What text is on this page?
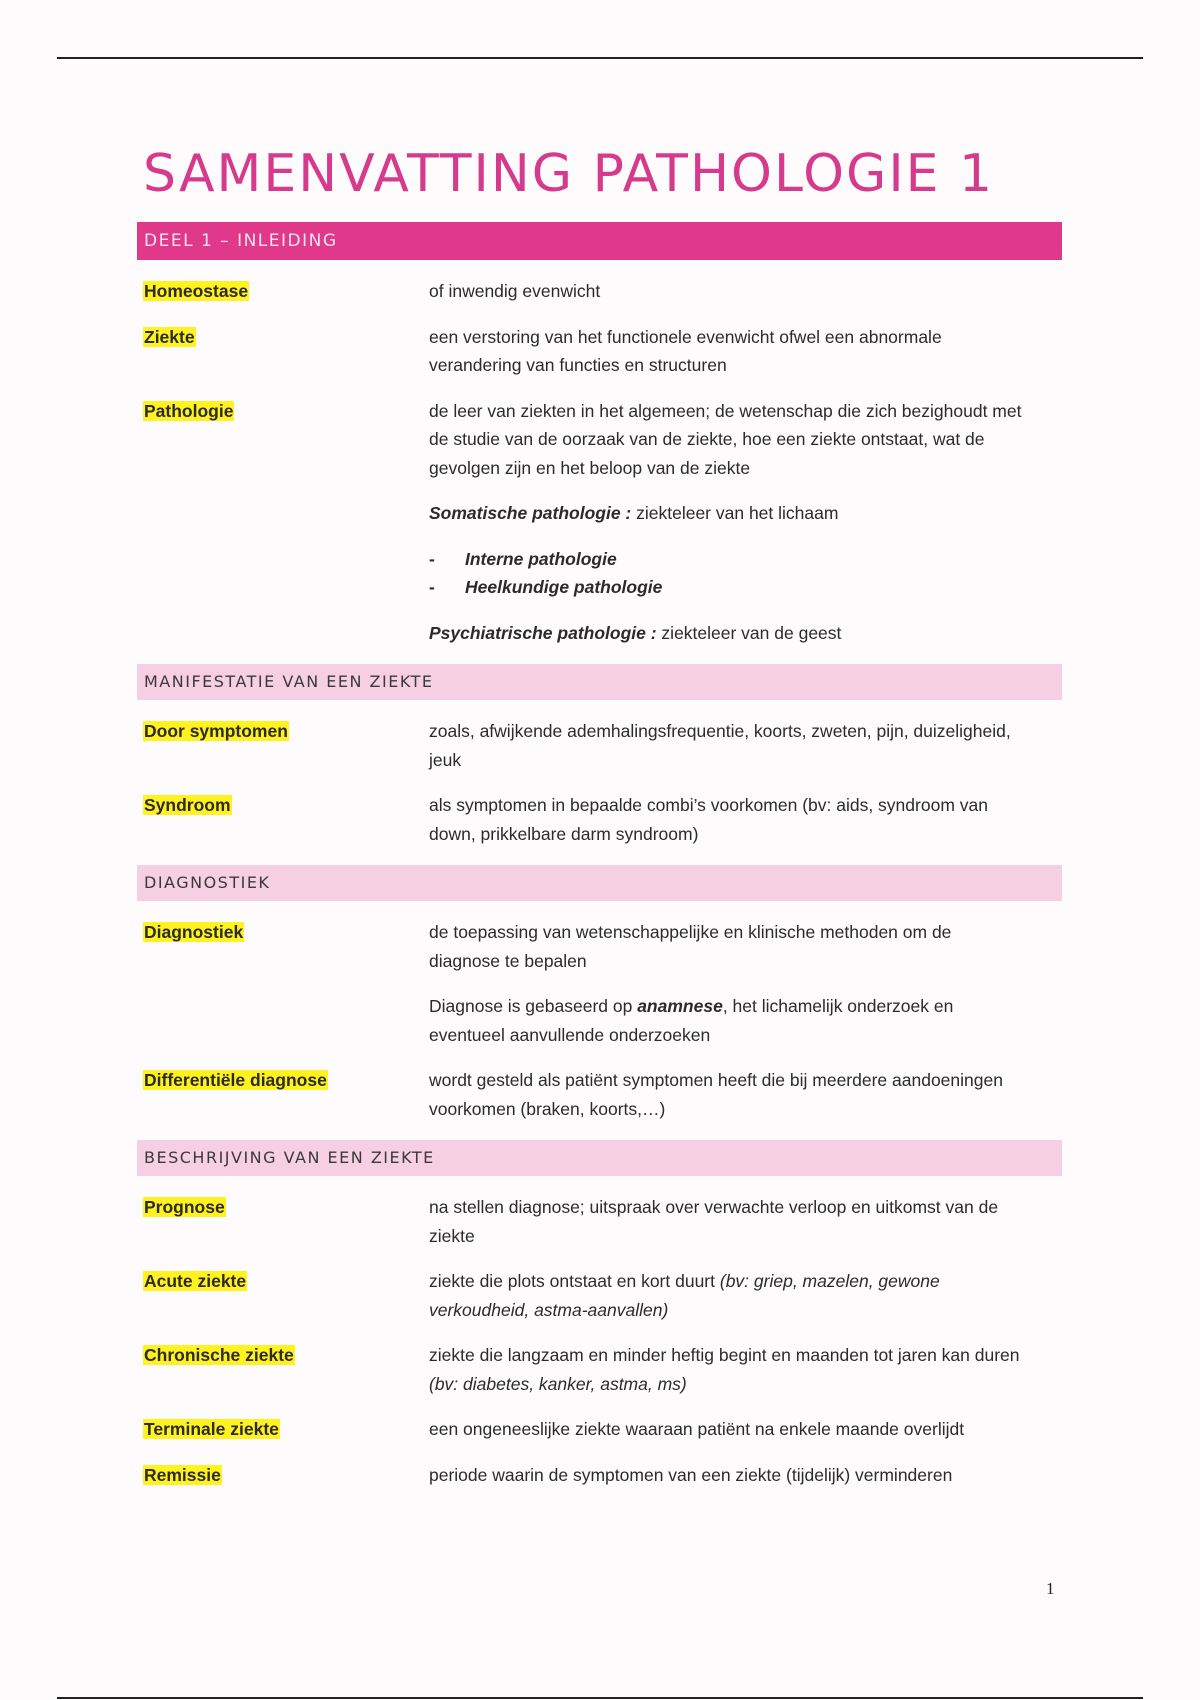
SAMENVATTING PATHOLOGIE 1
DEEL 1 – INLEIDING
Homeostase	of inwendig evenwicht

Ziekte	een verstoring van het functionele evenwicht ofwel een abnormale

verandering van functies en structuren

Pathologie	de leer van ziekten in het algemeen; de wetenschap die zich bezighoudt met

de studie van de oorzaak van de ziekte, hoe een ziekte ontstaat, wat de

gevolgen zijn en het beloop van de ziekte

Somatische pathologie : ziekteleer van het lichaam

- Interne pathologie
- Heelkundige pathologie

Psychiatrische pathologie : ziekteleer van de geest

MANIFESTATIE VAN EEN ZIEKTE
Door symptomen	zoals, afwijkende ademhalingsfrequentie, koorts, zweten, pijn, duizeligheid,

jeuk

Syndroom	als symptomen in bepaalde combi’s voorkomen (bv: aids, syndroom van

down, prikkelbare darm syndroom)

DIAGNOSTIEK
Diagnostiek	de toepassing van wetenschappelijke en klinische methoden om de

diagnose te bepalen

Diagnose is gebaseerd op anamnese, het lichamelijk onderzoek en

eventueel aanvullende onderzoeken

Differentiële diagnose	wordt gesteld als patiënt symptomen heeft die bij meerdere aandoeningen

voorkomen (braken, koorts,…)

BESCHRIJVING VAN EEN ZIEKTE
Prognose	na stellen diagnose; uitspraak over verwachte verloop en uitkomst van de

ziekte

Acute ziekte	ziekte die plots ontstaat en kort duurt (bv: griep, mazelen, gewone

verkoudheid, astma-aanvallen)

Chronische ziekte	ziekte die langzaam en minder heftig begint en maanden tot jaren kan duren

(bv: diabetes, kanker, astma, ms)

Terminale ziekte	een ongeneeslijke ziekte waaraan patiënt na enkele maande overlijdt

Remissie	periode waarin de symptomen van een ziekte (tijdelijk) verminderen

1
